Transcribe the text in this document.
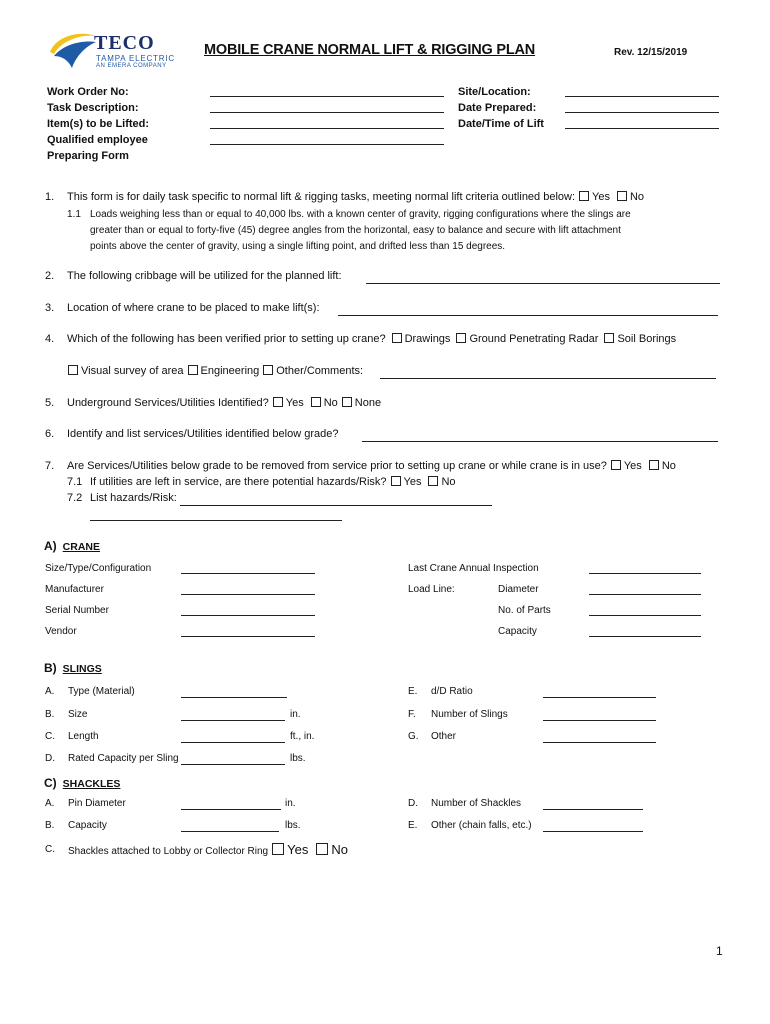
TECO
TAMPA ELECTRIC
AN EMERA COMPANY
MOBILE CRANE NORMAL LIFT & RIGGING PLAN	Rev. 12/15/2019
Work Order No:
Task Description:
Item(s) to be Lifted:
Qualified employee
Preparing Form
Site/Location:
Date Prepared:
Date/Time of Lift
1. This form is for daily task specific to normal lift & rigging tasks, meeting normal lift criteria outlined below: Yes No
1.1 Loads weighing less than or equal to 40,000 lbs. with a known center of gravity, rigging configurations where the slings are
greater than or equal to forty-five (45) degree angles from the horizontal, easy to balance and secure with lift attachment
points above the center of gravity, using a single lifting point, and drifted less than 15 degrees.
2. The following cribbage will be utilized for the planned lift:
3. Location of where crane to be placed to make lift(s):
4. Which of the following has been verified prior to setting up crane? Drawings Ground Penetrating Radar Soil Borings
Visual survey of area Engineering Other/Comments:
5. Underground Services/Utilities Identified? Yes No None
6. Identify and list services/Utilities identified below grade?
7. Are Services/Utilities below grade to be removed from service prior to setting up crane or while crane is in use? Yes No
7.1 If utilities are left in service, are there potential hazards/Risk? Yes No
7.2 List hazards/Risk:
A) CRANE
Size/Type/Configuration
Manufacturer
Serial Number
Vendor
Last Crane Annual Inspection
Load Line:	Diameter
No. of Parts
Capacity
B) SLINGS
A. Type (Material)
B. Size	in.
C. Length	ft., in.
D. Rated Capacity per Sling	lbs.
E. d/D Ratio
F. Number of Slings
G. Other
C) SHACKLES
A. Pin Diameter	in.
B. Capacity	lbs.
D. Number of Shackles
E. Other (chain falls, etc.)
C. Shackles attached to Lobby or Collector Ring Yes No
1
